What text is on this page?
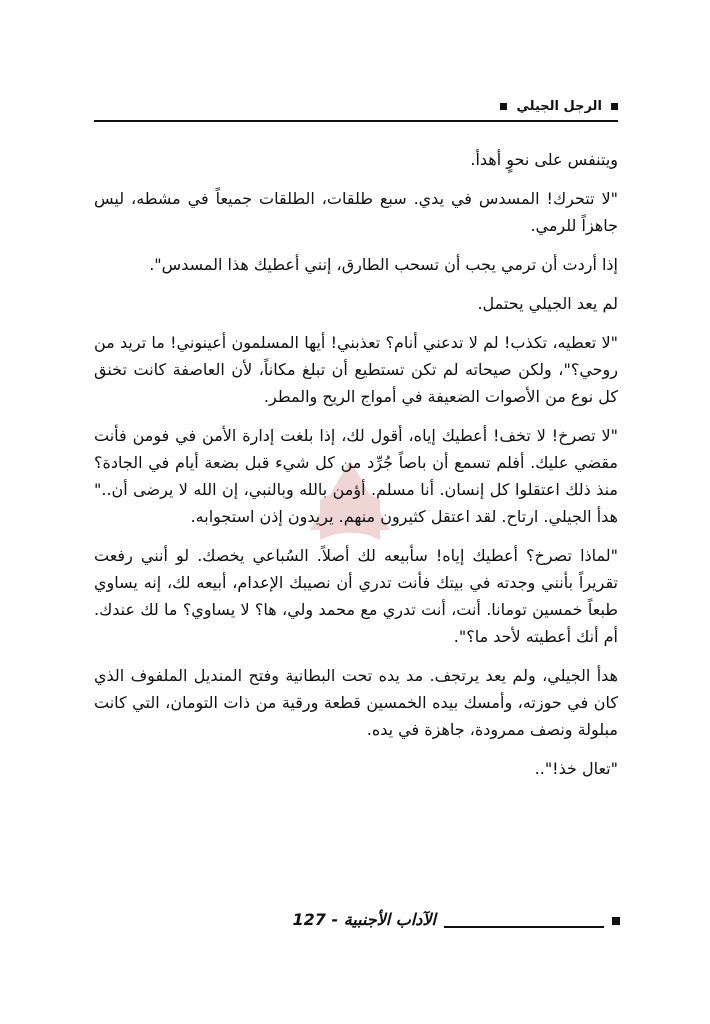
الرجل الجيلي

ويتنفس على نحوٍ أهدأ.

"لا تتحرك! المسدس في يدي. سبع طلقات، الطلقات جميعاً في مشطه، ليس جاهزاً للرمي.

إذا أردت أن ترمي يجب أن تسحب الطارق، إنني أعطيك هذا المسدس".

لم يعد الجيلي يحتمل.

"لا تعطيه، تكذب! لم لا تدعني أنام؟ تعذبني! أيها المسلمون أعينوني! ما تريد من روحي؟"، ولكن صيحاته لم تكن تستطيع أن تبلغ مكاناً، لأن العاصفة كانت تخنق كل نوع من الأصوات الضعيفة في أمواج الريح والمطر.

"لا تصرخ! لا تخف! أعطيك إياه، أقول لك، إذا بلغت إدارة الأمن في فومن فأنت مقضي عليك. أفلم تسمع أن باصاً جُرِّد من كل شيء قبل بضعة أيام في الجادة؟ منذ ذلك اعتقلوا كل إنسان. أنا مسلم. أؤمن بالله وبالنبي، إن الله لا يرضى أن.." هدأ الجيلي. ارتاح. لقد اعتقل كثيرون منهم. يريدون إذن استجوابه.

"لماذا تصرخ؟ أعطيك إياه! سأبيعه لك أصلاً. السُباعي يخصك. لو أنني رفعت تقريراً بأنني وجدته في بيتك فأنت تدري أن نصيبك الإعدام، أبيعه لك، إنه يساوي طبعاً خمسين تومانا. أنت، أنت تدري مع محمد ولي، ها؟ لا يساوي؟ ما لك عندك. أم أنك أعطيته لأحد ما؟".

هدأ الجيلي، ولم يعد يرتجف. مد يده تحت البطانية وفتح المنديل الملفوف الذي كان في حوزته، وأمسك بيده الخمسين قطعة ورقية من ذات التومان، التي كانت مبلولة ونصف ممرودة، جاهزة في يده.

"تعال خذ!"..

الآداب الأجنبية - 127
